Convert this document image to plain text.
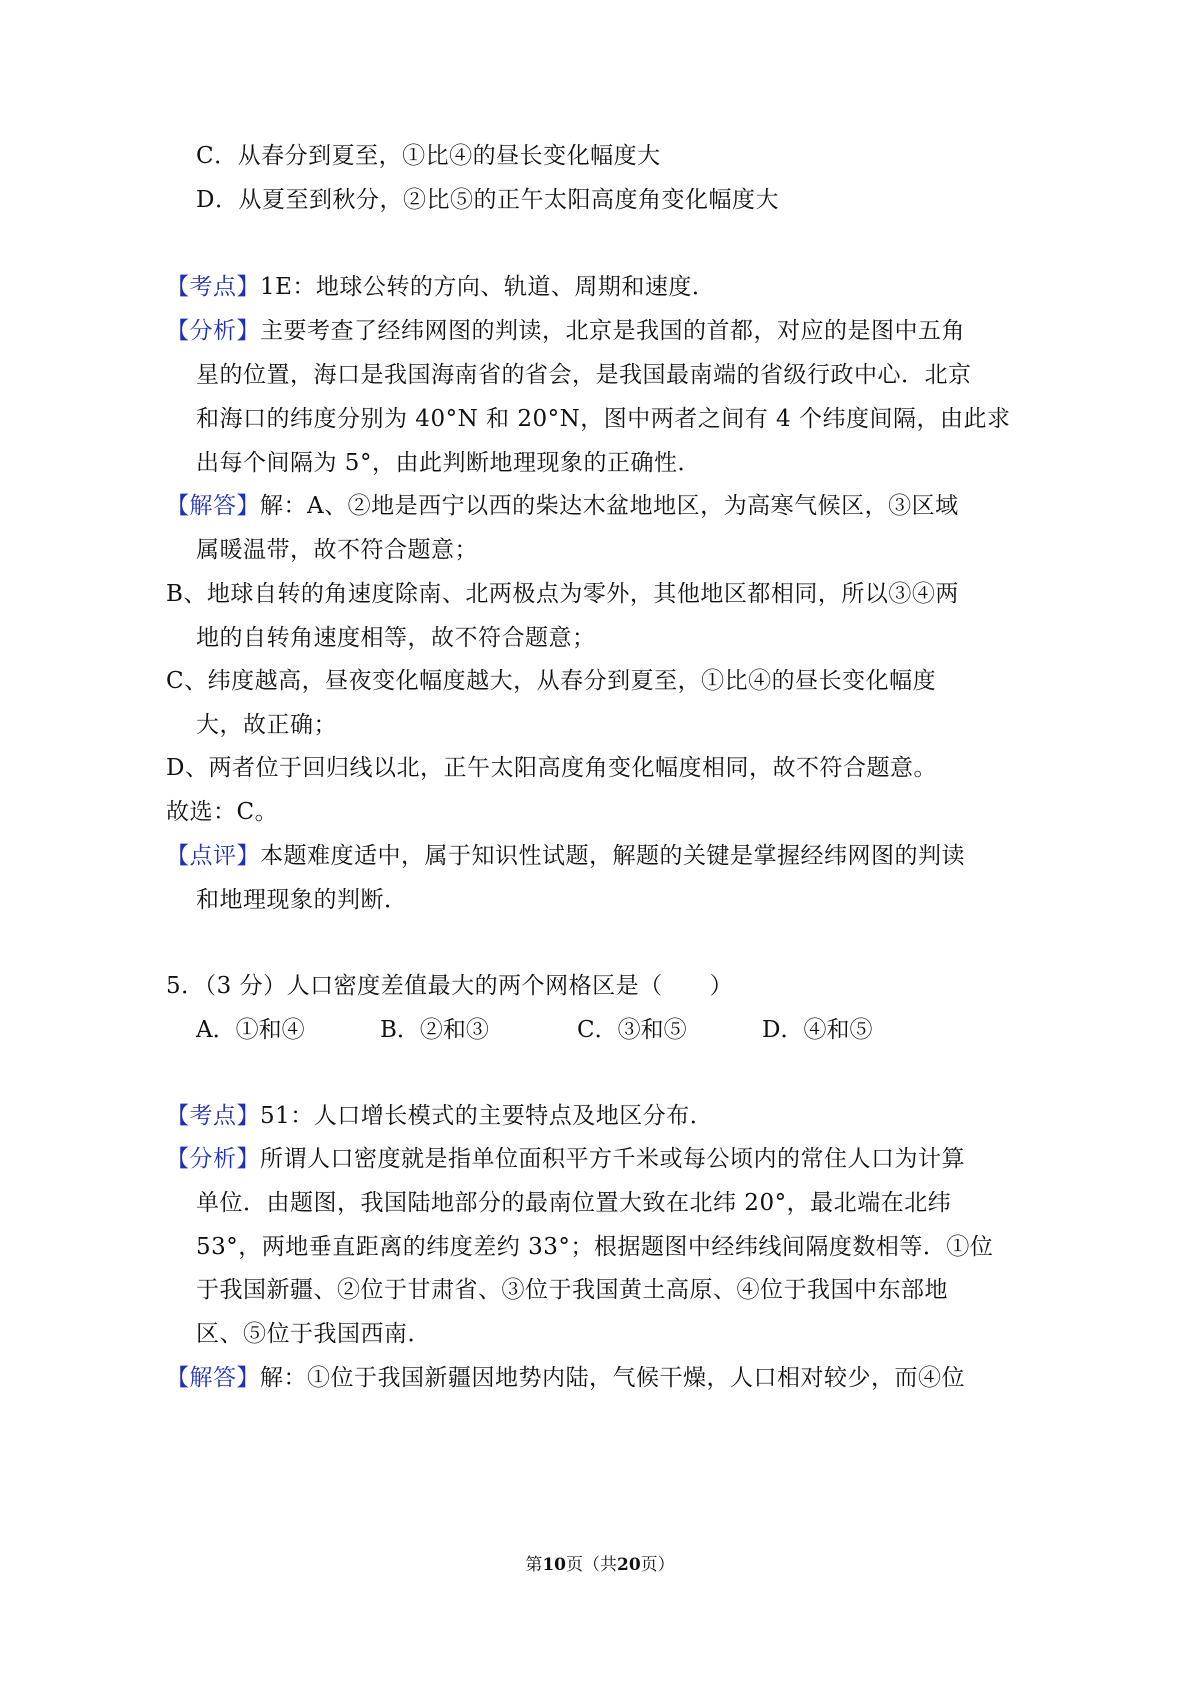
C．从春分到夏至，①比④的昼长变化幅度大
D．从夏至到秋分，②比⑤的正午太阳高度角变化幅度大
【考点】1E：地球公转的方向、轨道、周期和速度．
【分析】主要考查了经纬网图的判读，北京是我国的首都，对应的是图中五角
星的位置，海口是我国海南省的省会，是我国最南端的省级行政中心．北京
和海口的纬度分别为 40°N 和 20°N，图中两者之间有 4 个纬度间隔，由此求
出每个间隔为 5°，由此判断地理现象的正确性．
【解答】解：A、②地是西宁以西的柴达木盆地地区，为高寒气候区，③区域
属暖温带，故不符合题意；
B、地球自转的角速度除南、北两极点为零外，其他地区都相同，所以③④两
地的自转角速度相等，故不符合题意；
C、纬度越高，昼夜变化幅度越大，从春分到夏至，①比④的昼长变化幅度
大，故正确；
D、两者位于回归线以北，正午太阳高度角变化幅度相同，故不符合题意。
故选：C。
【点评】本题难度适中，属于知识性试题，解题的关键是掌握经纬网图的判读
和地理现象的判断．
5．（3 分）人口密度差值最大的两个网格区是（　　）
A．①和④	B．②和③	C．③和⑤	D．④和⑤
【考点】51：人口增长模式的主要特点及地区分布．
【分析】所谓人口密度就是指单位面积平方千米或每公顷内的常住人口为计算
单位．由题图，我国陆地部分的最南位置大致在北纬 20°，最北端在北纬
53°，两地垂直距离的纬度差约 33°；根据题图中经纬线间隔度数相等．①位
于我国新疆、②位于甘肃省、③位于我国黄土高原、④位于我国中东部地
区、⑤位于我国西南．
【解答】解：①位于我国新疆因地势内陆，气候干燥，人口相对较少，而④位
第10页（共20页）
